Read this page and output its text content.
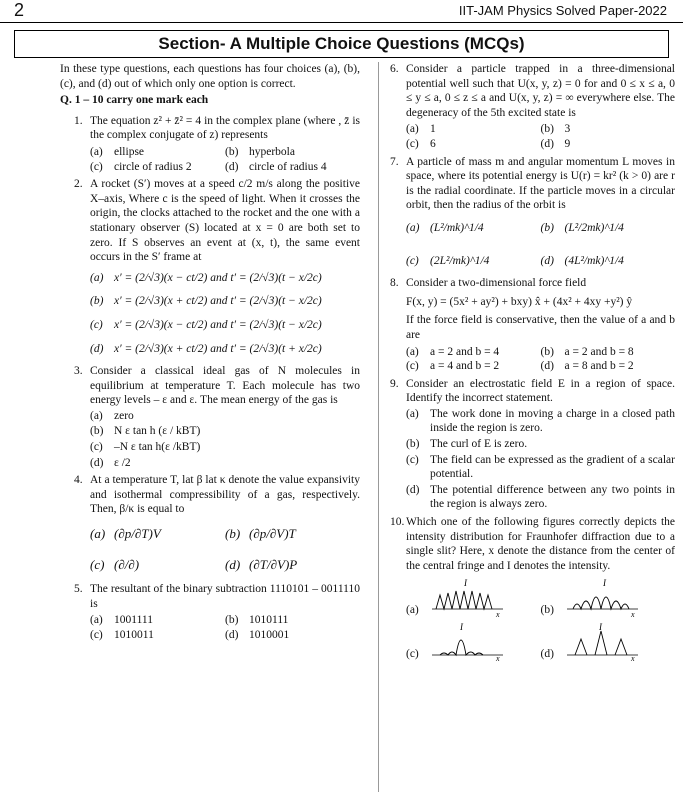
2	IIT-JAM Physics Solved Paper-2022
Section- A Multiple Choice Questions (MCQs)

In these type questions, each questions has four choices (a), (b), (c), and (d) out of which only one option is correct.

Q. 1 – 10 carry one mark each

1. The equation z² + z̄² = 4 in the complex plane (where , z̄ is the complex conjugate of z) represents

(a) ellipse	(b) hyperbola
(c) circle of radius 2	(d) circle of radius 4
2. A rocket (S′) moves at a speed c/2 m/s along the positive X–axis, Where c is the speed of light. When it crosses the origin, the clocks attached to the rocket and the one with a stationary observer (S) located at x = 0 are both set to zero. If S observes an event at (x, t), the same event occurs in the S′ frame at

(a) x′ = (2/√3)(x − ct/2) and t′ = (2/√3)(t − x/2c)
(b) x′ = (2/√3)(x + ct/2) and t′ = (2/√3)(t − x/2c)
(c) x′ = (2/√3)(x − ct/2) and t′ = (2/√3)(t − x/2c)
(d) x′ = (2/√3)(x + ct/2) and t′ = (2/√3)(t + x/2c)
3. Consider a classical ideal gas of N molecules in equilibrium at temperature T. Each molecule has two energy levels – ε and ε. The mean energy of the gas is

(a) zero
(b) N ε tan h (ε / kBT)
(c) –N ε tan h(ε /kBT)
(d) ε /2
4. At a temperature T, lat β lat κ denote the value expansivity and isothermal compressibility of a gas, respectively. Then, β/κ is equal to

(a) (∂p/∂T)V	(b) (∂p/∂V)T
(c) (∂/∂)	(d) (∂T/∂V)P
5. The resultant of the binary subtraction 1110101 – 0011110 is

(a) 1001111	(b) 1010111
(c) 1010011	(d) 1010001
6. Consider a particle trapped in a three-dimensional potential well such that U(x, y, z) = 0 for and 0 ≤ x ≤ a, 0 ≤ y ≤ a, 0 ≤ z ≤ a and U(x, y, z) = ∞ everywhere else. The degeneracy of the 5th excited state is

(a) 1	(b) 3
(c) 6	(d) 9
7. A particle of mass m and angular momentum L moves in space, where its potential energy is U(r) = kr² (k > 0) are r is the radial coordinate. If the particle moves in a circular orbit, then the radius of the orbit is

(a) (L²/mk)^1/4	(b) (L²/2mk)^1/4
(c) (2L²/mk)^1/4	(d) (4L²/mk)^1/4
8. Consider a two-dimensional force field

F(x, y) = (5x² + ay²) + bxy) x̂ + (4x² + 4xy +y²) ŷ

If the force field is conservative, then the value of a and b are

(a) a = 2 and b = 4	(b) a = 2 and b = 8
(c) a = 4 and b = 2	(d) a = 8 and b = 2
9. Consider an electrostatic field E in a region of space. Identify the incorrect statement.

(a) The work done in moving a charge in a closed path inside the region is zero.
(b) The curl of E is zero.
(c) The field can be expressed as the gradient of a scalar potential.
(d) The potential difference between any two points in the region is always zero.
10. Which one of the following figures correctly depicts the intensity distribution for Fraunhofer diffraction due to a single slit? Here, x denote the distance from the center of the central fringe and I denotes the intensity.

(a)
I
x	(b)
I
x
(c)
I
x	(d)
I
x
